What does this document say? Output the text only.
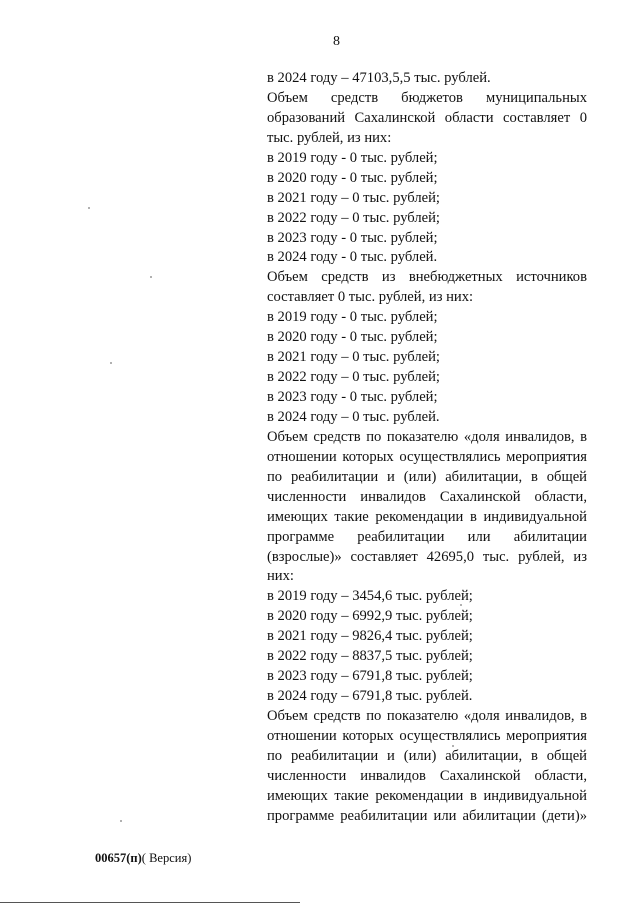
8
в 2024 году – 47103,5,5 тыс. рублей.
Объем средств бюджетов муниципальных
образований Сахалинской области составляет 0
тыс. рублей, из них:
в 2019 году - 0 тыс. рублей;
в 2020 году - 0 тыс. рублей;
в 2021 году – 0 тыс. рублей;
в 2022 году – 0 тыс. рублей;
в 2023 году - 0 тыс. рублей;
в 2024 году - 0 тыс. рублей.
Объем средств из внебюджетных источников
составляет 0 тыс. рублей, из них:
в 2019 году - 0 тыс. рублей;
в 2020 году - 0 тыс. рублей;
в 2021 году – 0 тыс. рублей;
в 2022 году – 0 тыс. рублей;
в 2023 году - 0 тыс. рублей;
в 2024 году – 0 тыс. рублей.
Объем средств по показателю «доля инвалидов, в
отношении которых осуществлялись мероприятия
по реабилитации и (или) абилитации, в общей
численности инвалидов Сахалинской области,
имеющих такие рекомендации в индивидуальной
программе реабилитации или абилитации
(взрослые)» составляет 42695,0 тыс. рублей, из
них:
в 2019 году – 3454,6 тыс. рублей;
в 2020 году – 6992,9 тыс. рублей;
в 2021 году – 9826,4 тыс. рублей;
в 2022 году – 8837,5 тыс. рублей;
в 2023 году – 6791,8 тыс. рублей;
в 2024 году – 6791,8 тыс. рублей.
Объем средств по показателю «доля инвалидов, в
отношении которых осуществлялись мероприятия
по реабилитации и (или) абилитации, в общей
численности инвалидов Сахалинской области,
имеющих такие рекомендации в индивидуальной
программе реабилитации или абилитации (дети)»
00657(п)( Версия)
